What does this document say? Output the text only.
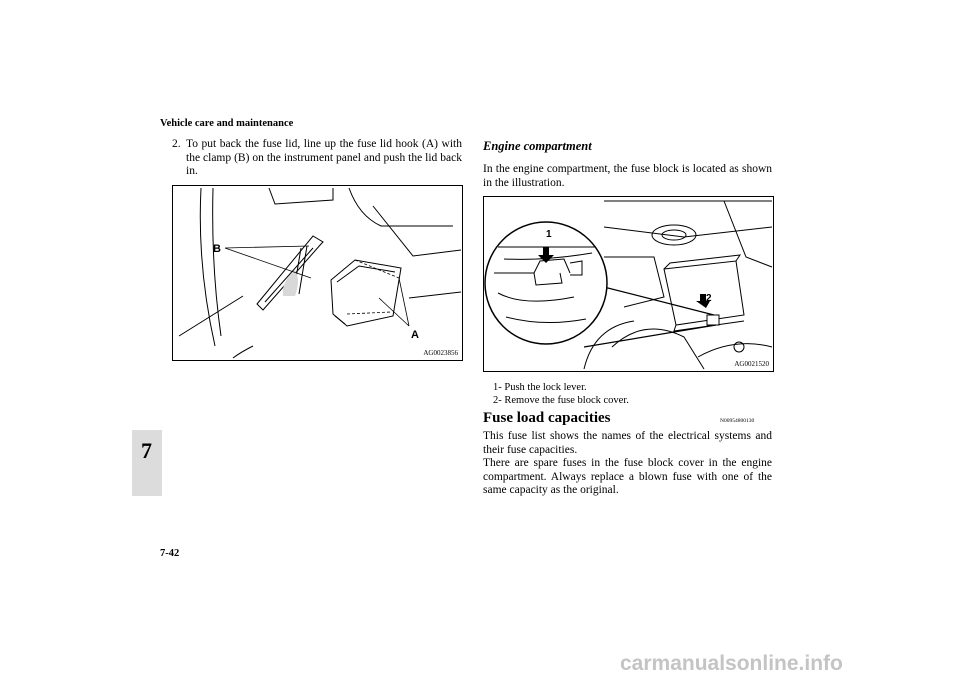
Vehicle care and maintenance
7
7-42
2. To put back the fuse lid, line up the fuse lid hook (A) with the clamp (B) on the instrument panel and push the lid back in.
B
A
AG0023856
Engine compartment
In the engine compartment, the fuse block is located as shown in the illustration.
1
2
AG0021520
1- Push the lock lever.
2- Remove the fuse block cover.
Fuse load capacities	N00954800130
This fuse list shows the names of the electrical systems and their fuse capacities.
There are spare fuses in the fuse block cover in the engine compartment. Always replace a blown fuse with one of the same capacity as the original.
carmanualsonline.info
